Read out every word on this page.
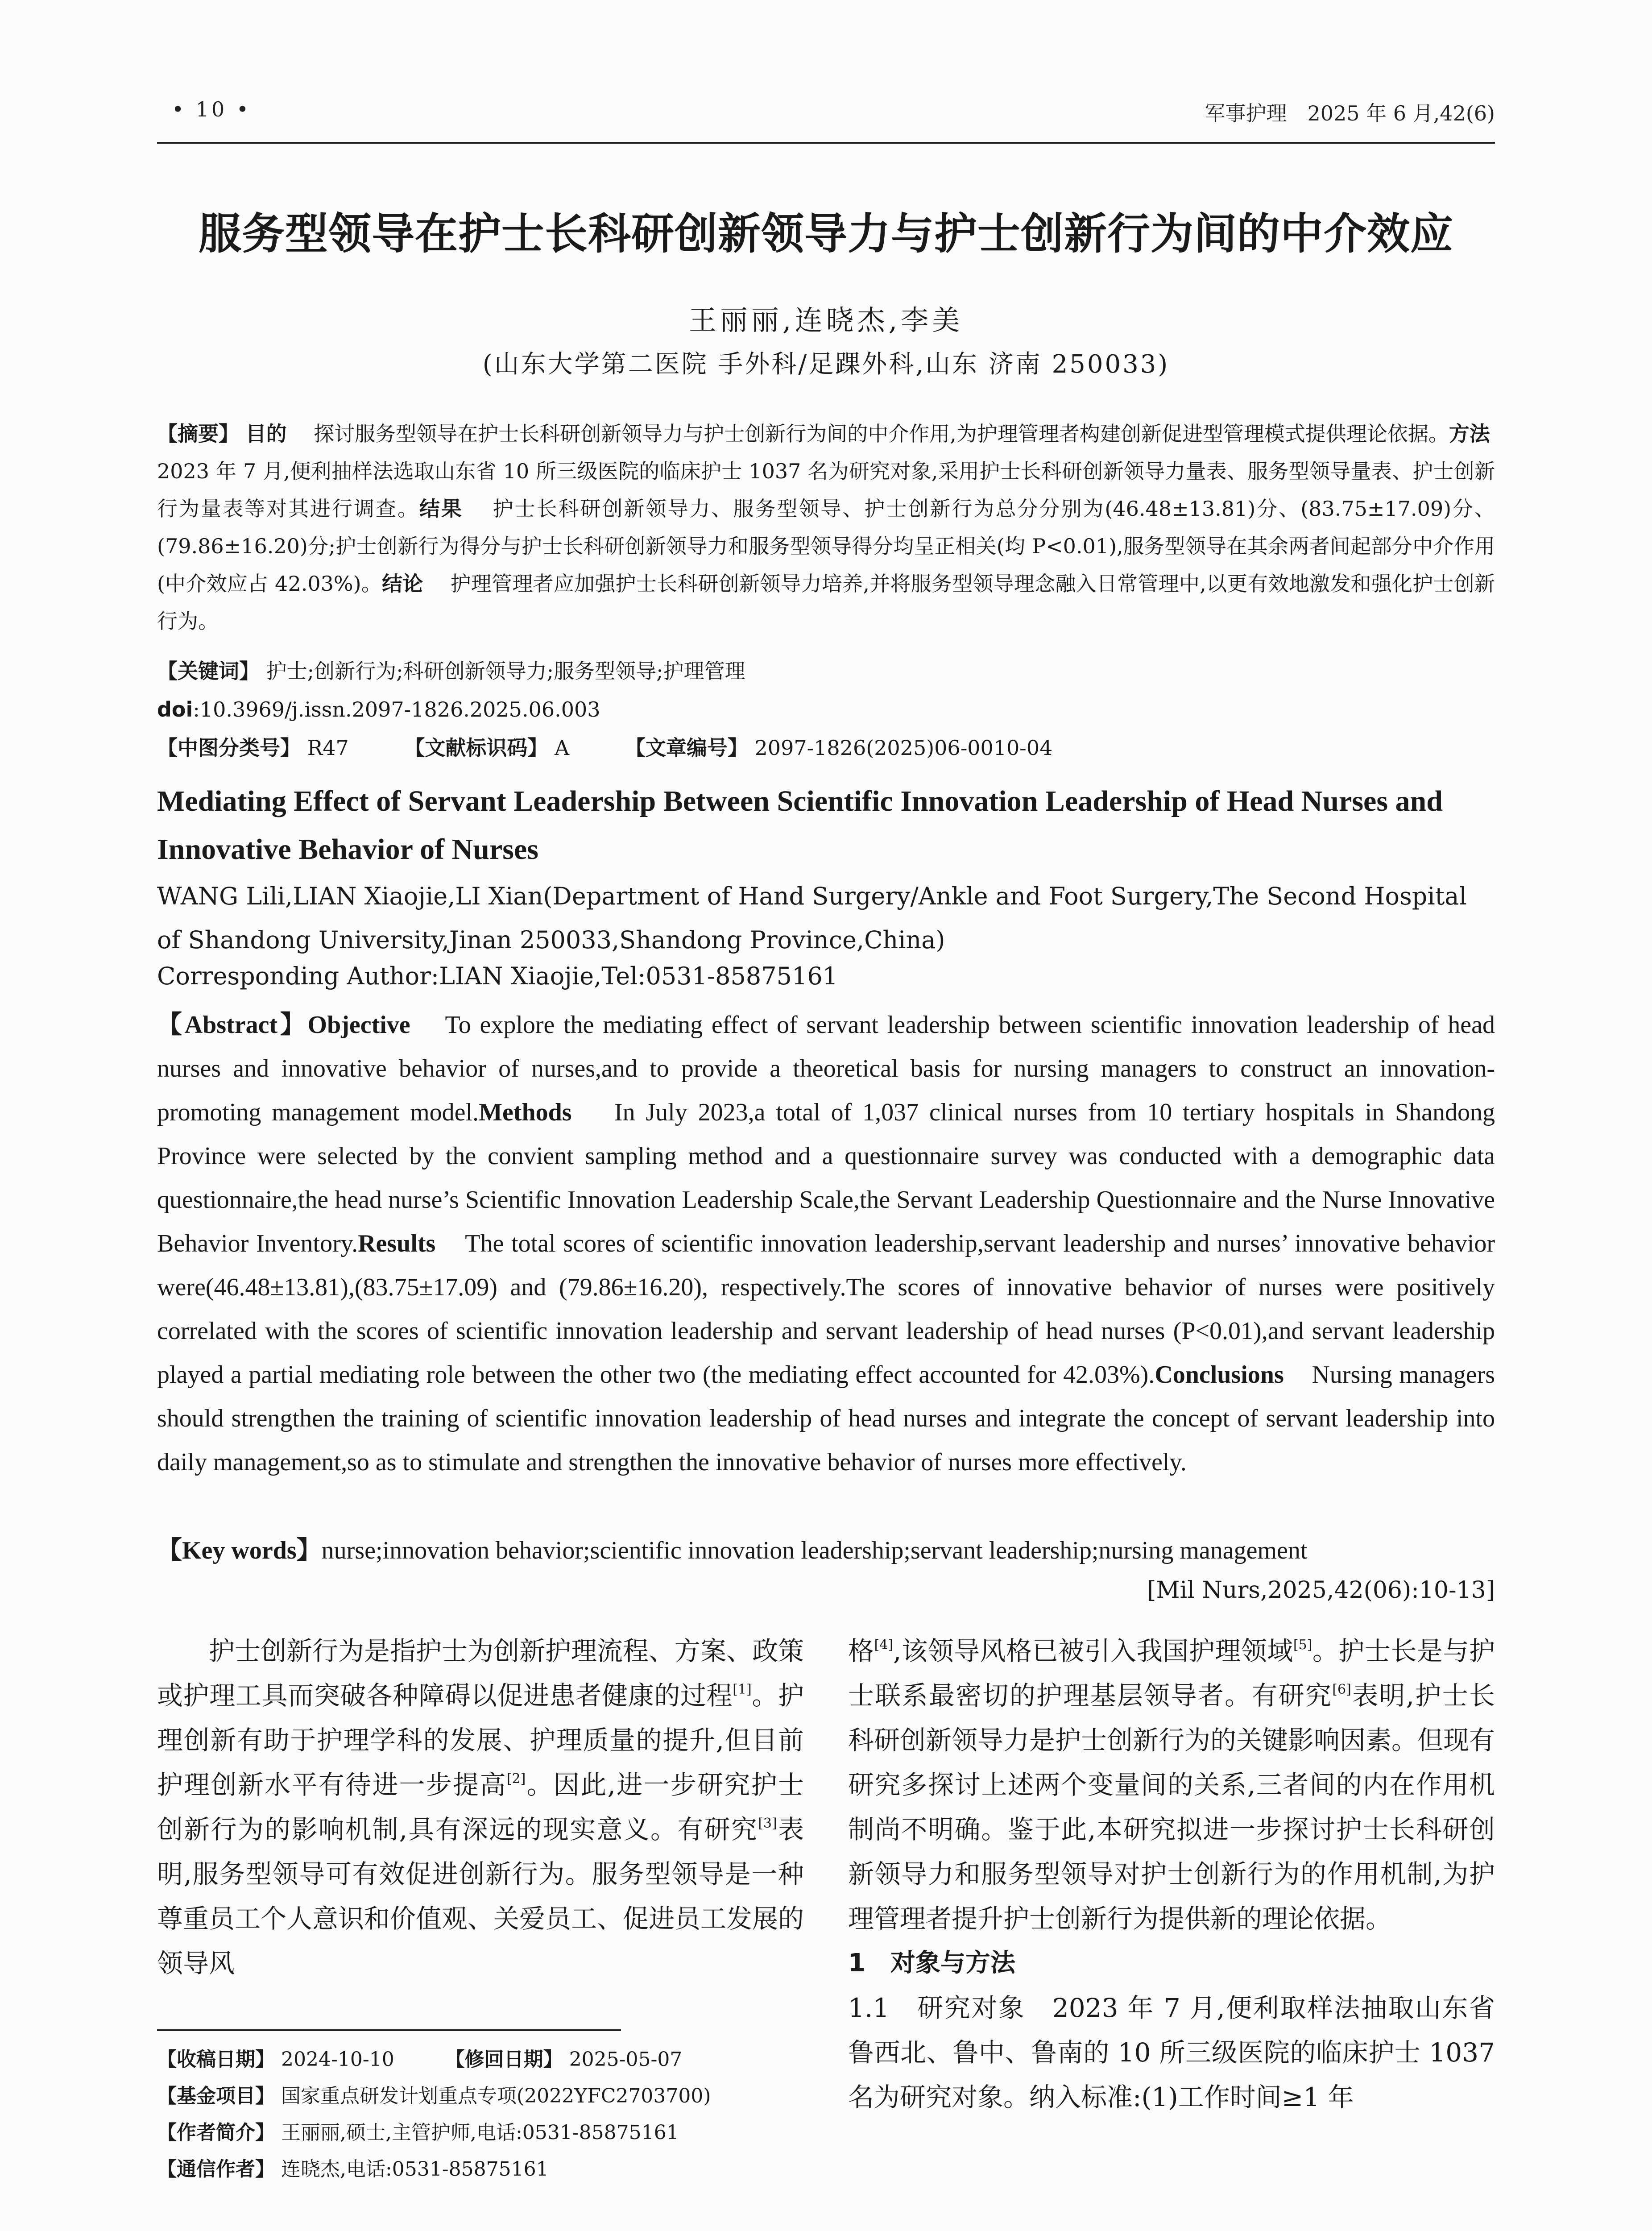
• 10 •	军事护理　2025 年 6 月,42(6)
服务型领导在护士长科研创新领导力与护士创新行为间的中介效应
王丽丽,连晓杰,李美
(山东大学第二医院 手外科/足踝外科,山东 济南 250033)
【摘要】 目的　 探讨服务型领导在护士长科研创新领导力与护士创新行为间的中介作用,为护理管理者构建创新促进型管理模式提供理论依据。方法　 2023 年 7 月,便利抽样法选取山东省 10 所三级医院的临床护士 1037 名为研究对象,采用护士长科研创新领导力量表、服务型领导量表、护士创新行为量表等对其进行调查。结果　 护士长科研创新领导力、服务型领导、护士创新行为总分分别为(46.48±13.81)分、(83.75±17.09)分、(79.86±16.20)分;护士创新行为得分与护士长科研创新领导力和服务型领导得分均呈正相关(均 P<0.01),服务型领导在其余两者间起部分中介作用(中介效应占 42.03%)。结论　 护理管理者应加强护士长科研创新领导力培养,并将服务型领导理念融入日常管理中,以更有效地激发和强化护士创新行为。
【关键词】 护士;创新行为;科研创新领导力;服务型领导;护理管理
doi:10.3969/j.issn.2097-1826.2025.06.003
【中图分类号】 R47	【文献标识码】 A	【文章编号】 2097-1826(2025)06-0010-04
Mediating Effect of Servant Leadership Between Scientific Innovation Leadership of Head Nurses and Innovative Behavior of Nurses
WANG Lili,LIAN Xiaojie,LI Xian(Department of Hand Surgery/Ankle and Foot Surgery,The Second Hospital of Shandong University,Jinan 250033,Shandong Province,China)
Corresponding Author:LIAN Xiaojie,Tel:0531-85875161
【Abstract】Objective To explore the mediating effect of servant leadership between scientific innovation leadership of head nurses and innovative behavior of nurses,and to provide a theoretical basis for nursing managers to construct an innovation-promoting management model.Methods In July 2023,a total of 1,037 clinical nurses from 10 tertiary hospitals in Shandong Province were selected by the convient sampling method and a questionnaire survey was conducted with a demographic data questionnaire,the head nurse’s Scientific Innovation Leadership Scale,the Servant Leadership Questionnaire and the Nurse Innovative Behavior Inventory.Results The total scores of scientific innovation leadership,servant leadership and nurses’ innovative behavior were(46.48±13.81),(83.75±17.09) and (79.86±16.20), respectively.The scores of innovative behavior of nurses were positively correlated with the scores of scientific innovation leadership and servant leadership of head nurses (P<0.01),and servant leadership played a partial mediating role between the other two (the mediating effect accounted for 42.03%).Conclusions Nursing managers should strengthen the training of scientific innovation leadership of head nurses and integrate the concept of servant leadership into daily management,so as to stimulate and strengthen the innovative behavior of nurses more effectively.
【Key words】nurse;innovation behavior;scientific innovation leadership;servant leadership;nursing management
[Mil Nurs,2025,42(06):10-13]
护士创新行为是指护士为创新护理流程、方案、政策或护理工具而突破各种障碍以促进患者健康的过程[1]。护理创新有助于护理学科的发展、护理质量的提升,但目前护理创新水平有待进一步提高[2]。因此,进一步研究护士创新行为的影响机制,具有深远的现实意义。有研究[3]表明,服务型领导可有效促进创新行为。服务型领导是一种尊重员工个人意识和价值观、关爱员工、促进员工发展的领导风
格[4],该领导风格已被引入我国护理领域[5]。护士长是与护士联系最密切的护理基层领导者。有研究[6]表明,护士长科研创新领导力是护士创新行为的关键影响因素。但现有研究多探讨上述两个变量间的关系,三者间的内在作用机制尚不明确。鉴于此,本研究拟进一步探讨护士长科研创新领导力和服务型领导对护士创新行为的作用机制,为护理管理者提升护士创新行为提供新的理论依据。
1　对象与方法
1.1　研究对象　 2023 年 7 月,便利取样法抽取山东省鲁西北、鲁中、鲁南的 10 所三级医院的临床护士 1037 名为研究对象。纳入标准:(1)工作时间≥1 年
【收稿日期】 2024-10-10	【修回日期】 2025-05-07
【基金项目】 国家重点研发计划重点专项(2022YFC2703700)
【作者简介】 王丽丽,硕士,主管护师,电话:0531-85875161
【通信作者】 连晓杰,电话:0531-85875161
